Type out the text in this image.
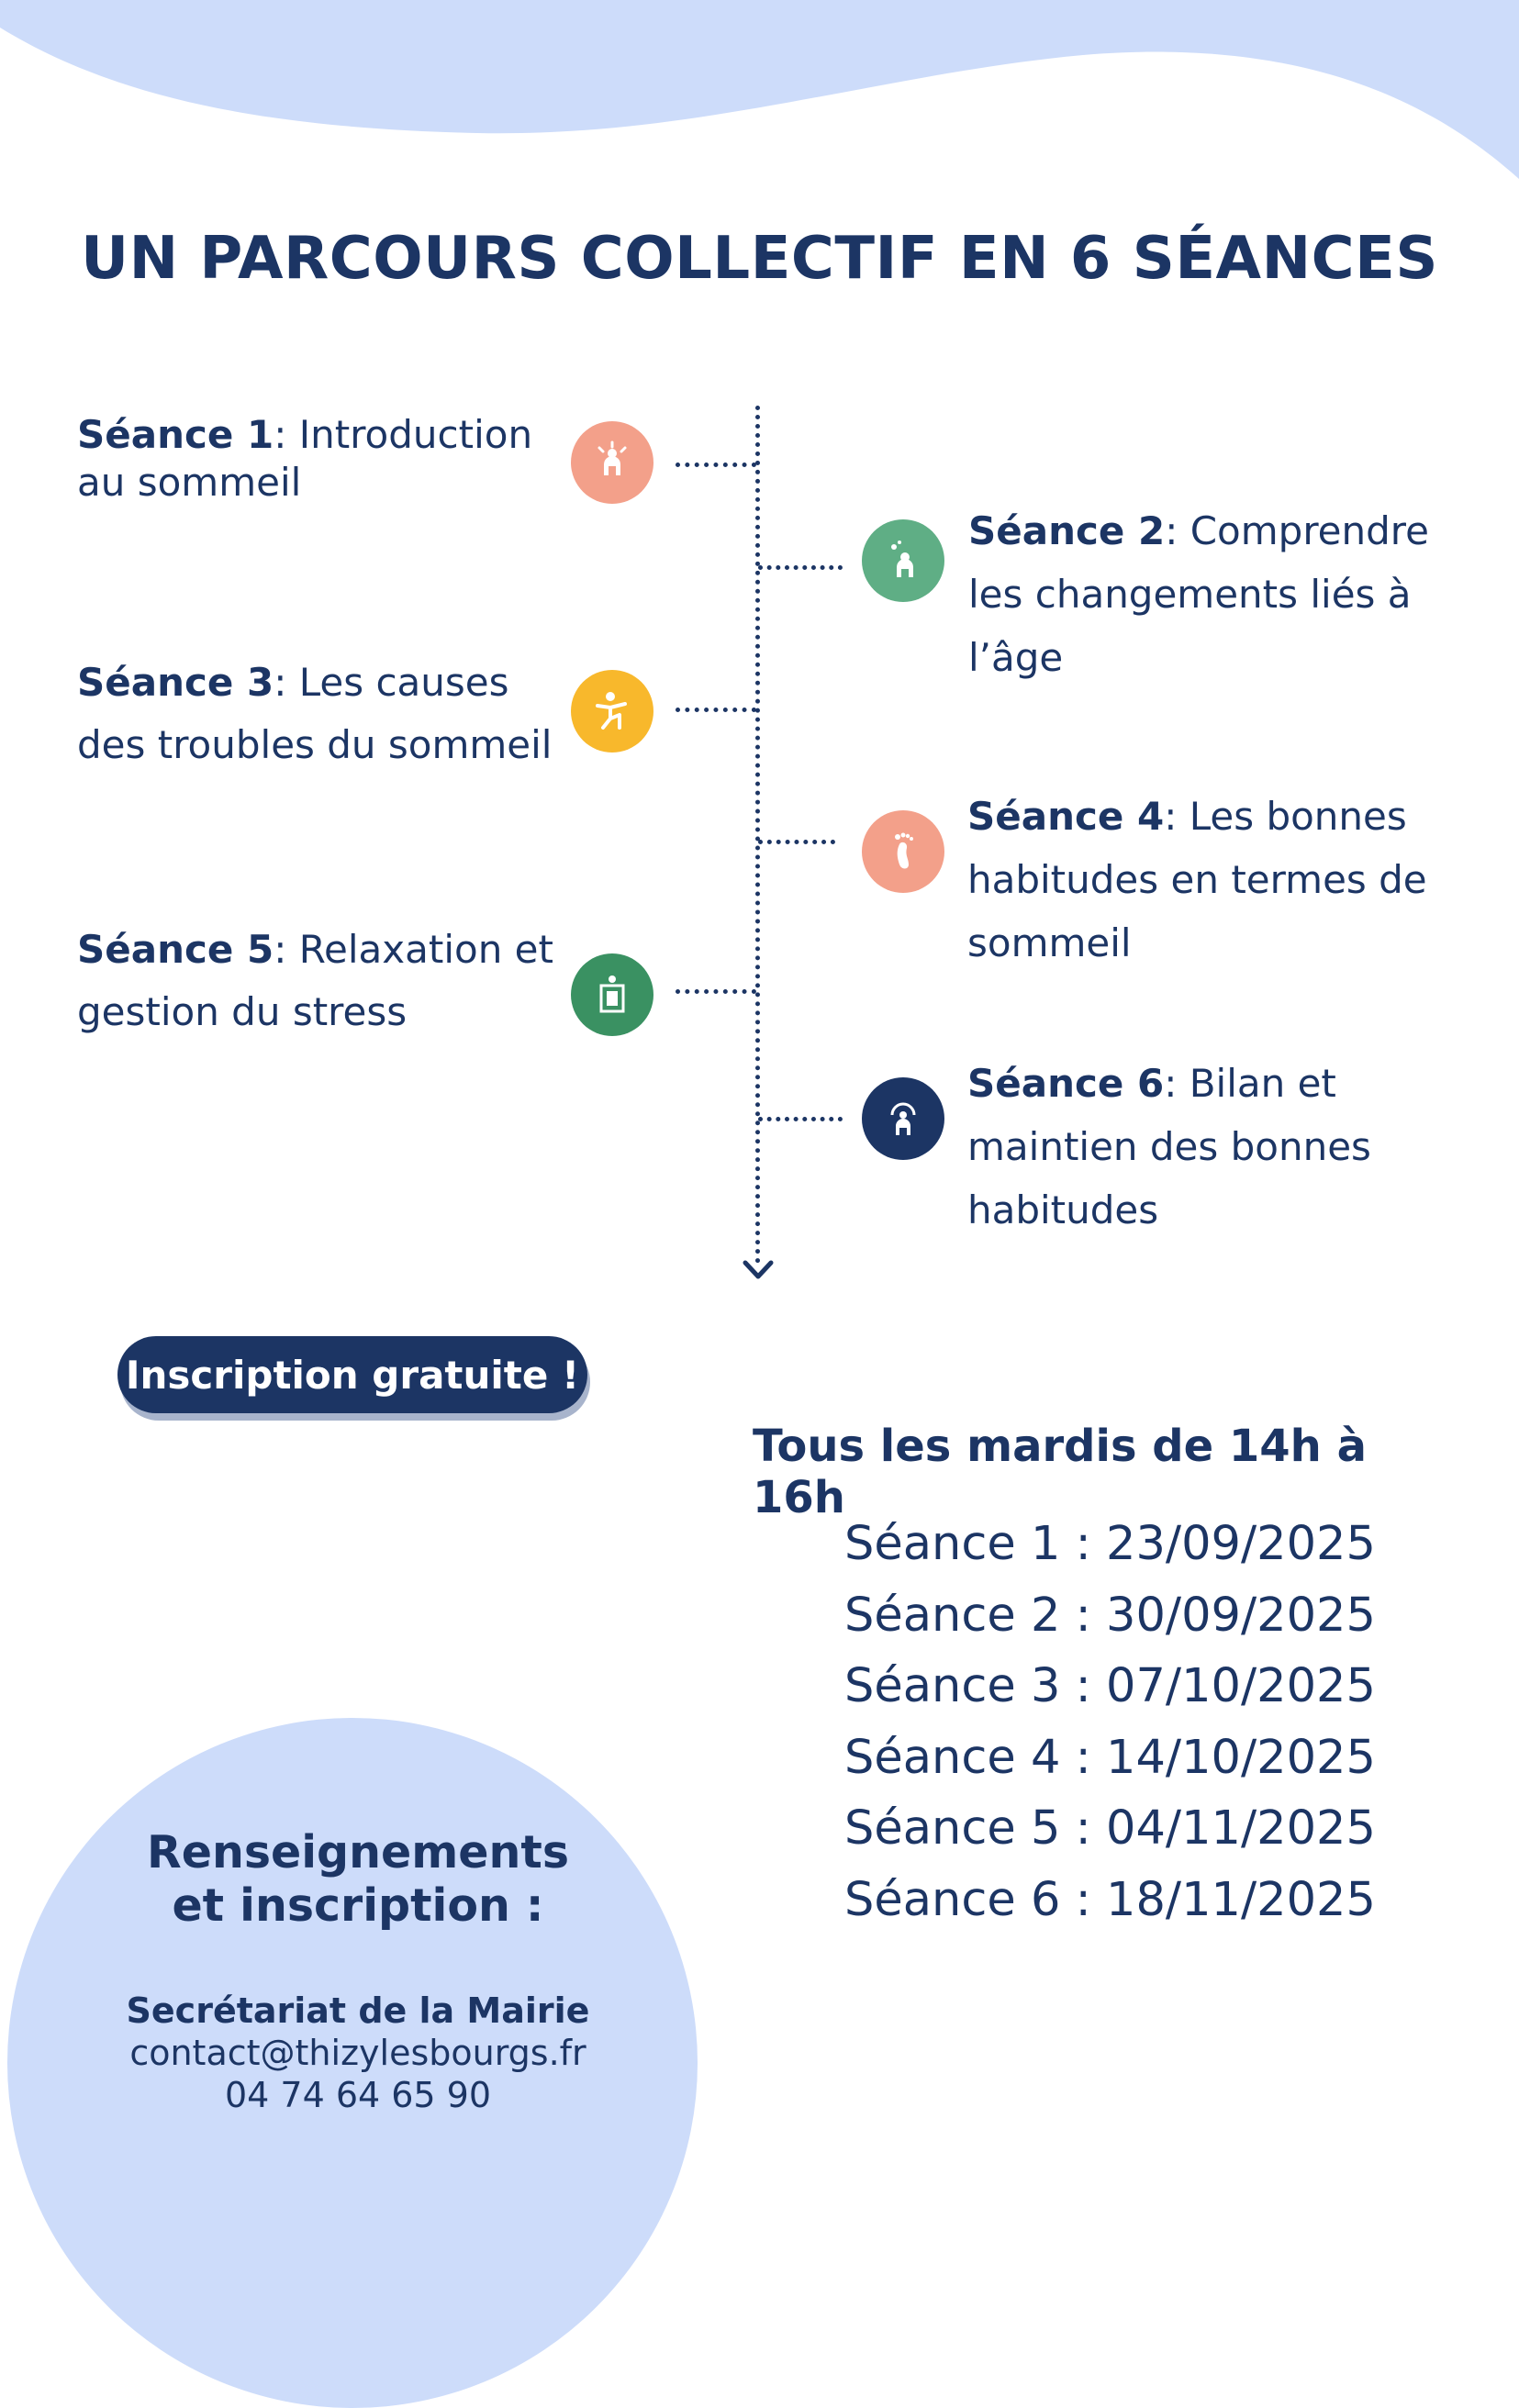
UN PARCOURS COLLECTIF EN 6 SÉANCES
Séance 1: Introduction au sommeil
Séance 2: Comprendre les changements liés à l’âge
Séance 3: Les causes des troubles du sommeil
Séance 4: Les bonnes habitudes en termes de sommeil
Séance 5: Relaxation et gestion du stress
Séance 6: Bilan et maintien des bonnes habitudes
Inscription gratuite !
Tous les mardis de 14h à 16h
Séance 1 : 23/09/2025
Séance 2 : 30/09/2025
Séance 3 : 07/10/2025
Séance 4 : 14/10/2025
Séance 5 : 04/11/2025
Séance 6 : 18/11/2025
Renseignements
et inscription :
Secrétariat de la Mairie
contact@thizylesbourgs.fr
04 74 64 65 90
